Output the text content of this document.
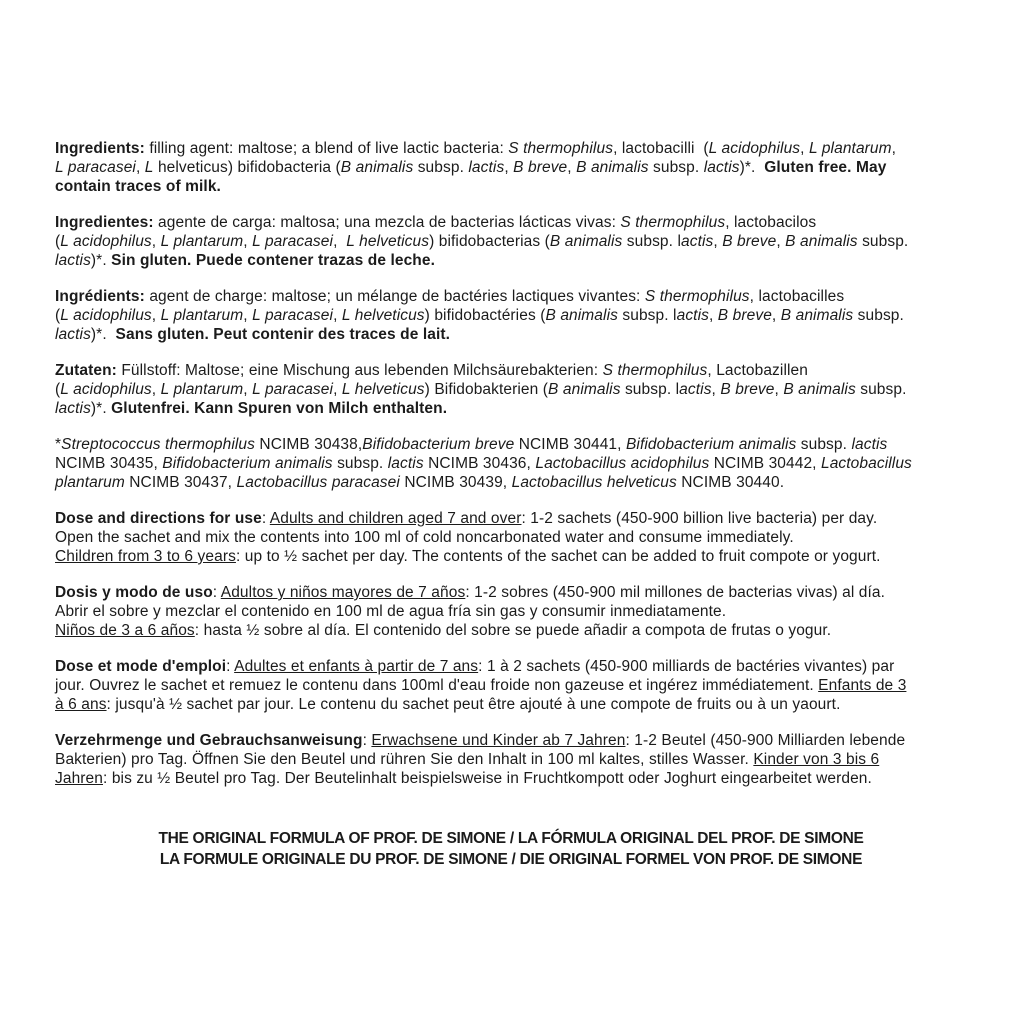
Ingredients: filling agent: maltose; a blend of live lactic bacteria: S thermophilus, lactobacilli  (L acidophilus, L plantarum,
L paracasei, L helveticus) bifidobacteria (B animalis subsp. lactis, B breve, B animalis subsp. lactis)*.  Gluten free. May
contain traces of milk.
Ingredientes: agente de carga: maltosa; una mezcla de bacterias lácticas vivas: S thermophilus, lactobacilos
(L acidophilus, L plantarum, L paracasei,  L helveticus) bifidobacterias (B animalis subsp. lactis, B breve, B animalis subsp.
lactis)*. Sin gluten. Puede contener trazas de leche.
Ingrédients: agent de charge: maltose; un mélange de bactéries lactiques vivantes: S thermophilus, lactobacilles
(L acidophilus, L plantarum, L paracasei, L helveticus) bifidobactéries (B animalis subsp. lactis, B breve, B animalis subsp.
lactis)*.  Sans gluten. Peut contenir des traces de lait.
Zutaten: Füllstoff: Maltose; eine Mischung aus lebenden Milchsäurebakterien: S thermophilus, Lactobazillen
(L acidophilus, L plantarum, L paracasei, L helveticus) Bifidobakterien (B animalis subsp. lactis, B breve, B animalis subsp.
lactis)*. Glutenfrei. Kann Spuren von Milch enthalten.
*Streptococcus thermophilus NCIMB 30438,Bifidobacterium breve NCIMB 30441, Bifidobacterium animalis subsp. lactis
NCIMB 30435, Bifidobacterium animalis subsp. lactis NCIMB 30436, Lactobacillus acidophilus NCIMB 30442, Lactobacillus
plantarum NCIMB 30437, Lactobacillus paracasei NCIMB 30439, Lactobacillus helveticus NCIMB 30440.
Dose and directions for use: Adults and children aged 7 and over: 1-2 sachets (450-900 billion live bacteria) per day.
Open the sachet and mix the contents into 100 ml of cold noncarbonated water and consume immediately.
Children from 3 to 6 years: up to ½ sachet per day. The contents of the sachet can be added to fruit compote or yogurt.
Dosis y modo de uso: Adultos y niños mayores de 7 años: 1-2 sobres (450-900 mil millones de bacterias vivas) al día.
Abrir el sobre y mezclar el contenido en 100 ml de agua fría sin gas y consumir inmediatamente.
Niños de 3 a 6 años: hasta ½ sobre al día. El contenido del sobre se puede añadir a compota de frutas o yogur.
Dose et mode d'emploi: Adultes et enfants à partir de 7 ans: 1 à 2 sachets (450-900 milliards de bactéries vivantes) par
jour. Ouvrez le sachet et remuez le contenu dans 100ml d'eau froide non gazeuse et ingérez immédiatement. Enfants de 3
à 6 ans: jusqu'à ½ sachet par jour. Le contenu du sachet peut être ajouté à une compote de fruits ou à un yaourt.
Verzehrmenge und Gebrauchsanweisung: Erwachsene und Kinder ab 7 Jahren: 1-2 Beutel (450-900 Milliarden lebende
Bakterien) pro Tag. Öffnen Sie den Beutel und rühren Sie den Inhalt in 100 ml kaltes, stilles Wasser. Kinder von 3 bis 6
Jahren: bis zu ½ Beutel pro Tag. Der Beutelinhalt beispielsweise in Fruchtkompott oder Joghurt eingearbeitet werden.
THE ORIGINAL FORMULA OF PROF. DE SIMONE / LA FÓRMULA ORIGINAL DEL PROF. DE SIMONE
LA FORMULE ORIGINALE DU PROF. DE SIMONE / DIE ORIGINAL FORMEL VON PROF. DE SIMONE
